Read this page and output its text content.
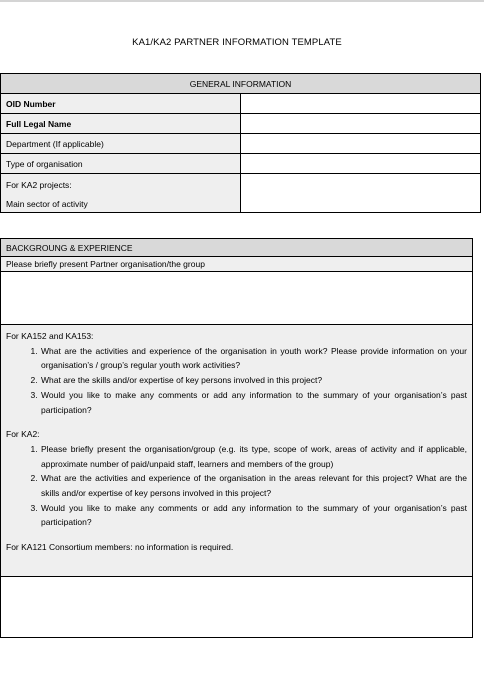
KA1/KA2 PARTNER INFORMATION TEMPLATE
GENERAL INFORMATION	
OID Number	
Full Legal Name	
Department (If applicable)	
Type of organisation	

For KA2 projects:
Main sector of activity	

BACKGROUNG & EXPERIENCE
Please briefly present Partner organisation/the group

For KA152 and KA153:
1. What are the activities and experience of the organisation in youth work? Please provide information on your organisation’s / group’s regular youth work activities?
2. What are the skills and/or expertise of key persons involved in this project?
3. Would you like to make any comments or add any information to the summary of your organisation’s past participation?
For KA2:
1. Please briefly present the organisation/group (e.g. its type, scope of work, areas of activity and if applicable, approximate number of paid/unpaid staff, learners and members of the group)
2. What are the activities and experience of the organisation in the areas relevant for this project? What are the skills and/or expertise of key persons involved in this project?
3. Would you like to make any comments or add any information to the summary of your organisation’s past participation?
For KA121 Consortium members: no information is required.
